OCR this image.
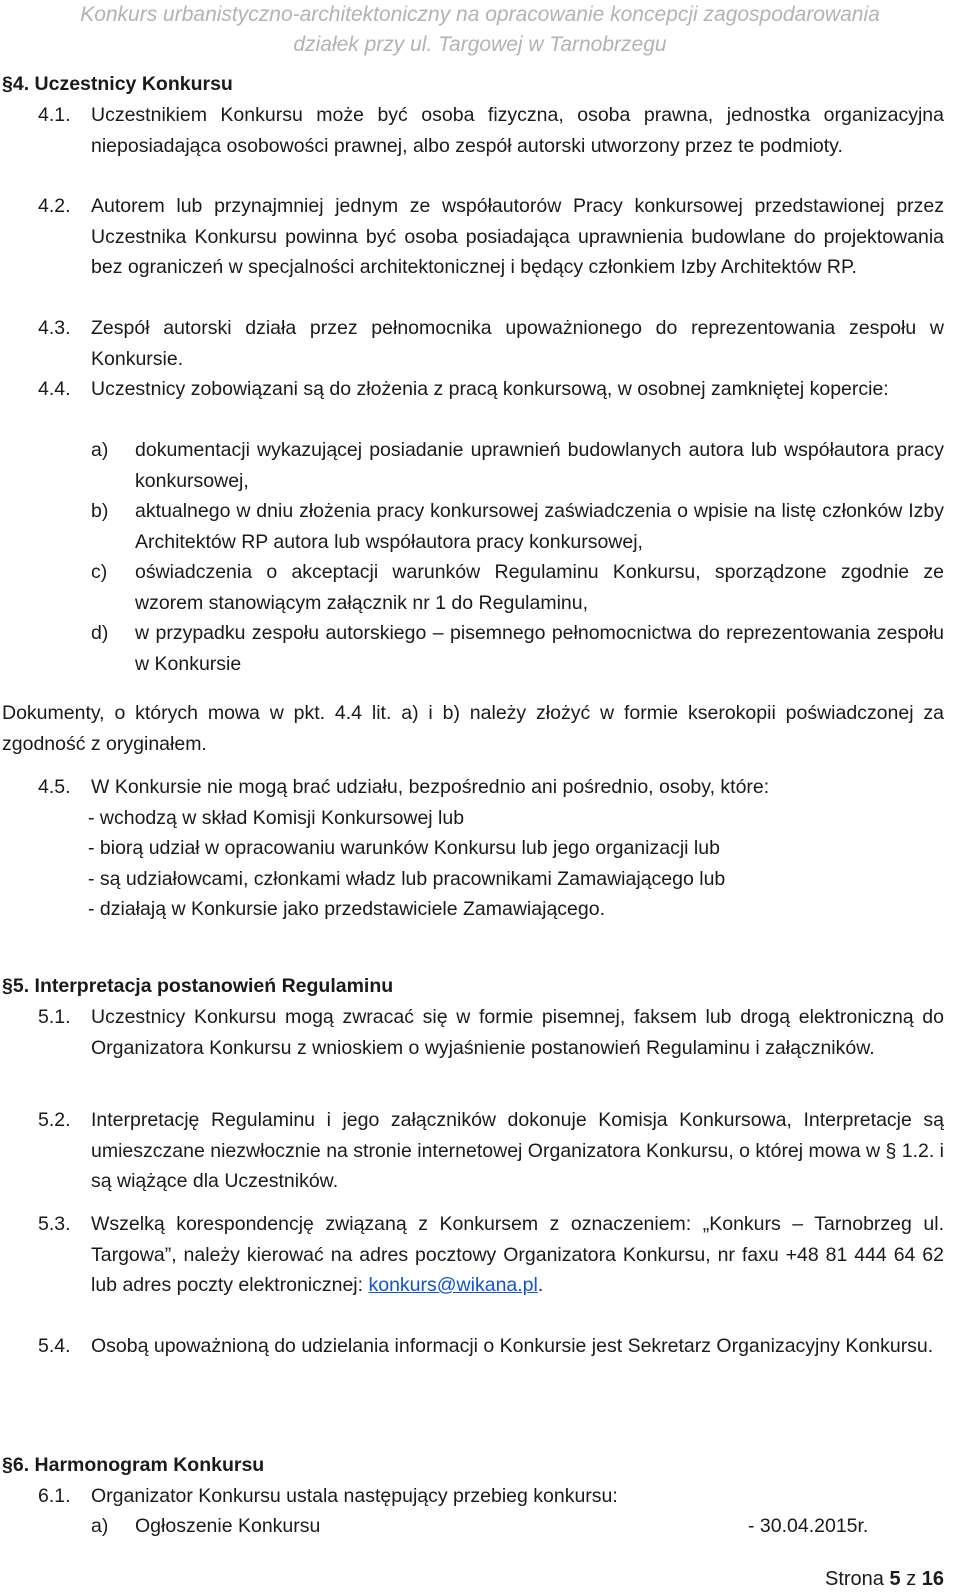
Konkurs urbanistyczno-architektoniczny na opracowanie koncepcji zagospodarowania
działek przy ul. Targowej w Tarnobrzegu
§4. Uczestnicy Konkursu
4.1. Uczestnikiem Konkursu może być osoba fizyczna, osoba prawna, jednostka organizacyjna nieposiadająca osobowości prawnej, albo zespół autorski utworzony przez te podmioty.
4.2. Autorem lub przynajmniej jednym ze współautorów Pracy konkursowej przedstawionej przez Uczestnika Konkursu powinna być osoba posiadająca uprawnienia budowlane do projektowania bez ograniczeń w specjalności architektonicznej i będący członkiem Izby Architektów RP.
4.3. Zespół autorski działa przez pełnomocnika upoważnionego do reprezentowania zespołu w Konkursie.
4.4. Uczestnicy zobowiązani są do złożenia z pracą konkursową, w osobnej zamkniętej kopercie:
a) dokumentacji wykazującej posiadanie uprawnień budowlanych autora lub współautora pracy konkursowej,
b) aktualnego w dniu złożenia pracy konkursowej zaświadczenia o wpisie na listę członków Izby Architektów RP autora lub współautora pracy konkursowej,
c) oświadczenia o akceptacji warunków Regulaminu Konkursu, sporządzone zgodnie ze wzorem stanowiącym załącznik nr 1 do Regulaminu,
d) w przypadku zespołu autorskiego – pisemnego pełnomocnictwa do reprezentowania zespołu w Konkursie
Dokumenty, o których mowa w pkt. 4.4 lit. a) i b) należy złożyć w formie kserokopii poświadczonej za zgodność z oryginałem.
4.5. W Konkursie nie mogą brać udziału, bezpośrednio ani pośrednio, osoby, które:
- wchodzą w skład Komisji Konkursowej lub
- biorą udział w opracowaniu warunków Konkursu lub jego organizacji lub
- są udziałowcami, członkami władz lub pracownikami Zamawiającego lub
- działają w Konkursie jako przedstawiciele Zamawiającego.
§5. Interpretacja postanowień Regulaminu
5.1. Uczestnicy Konkursu mogą zwracać się w formie pisemnej, faksem lub drogą elektroniczną do Organizatora Konkursu z wnioskiem o wyjaśnienie postanowień Regulaminu i załączników.
5.2. Interpretację Regulaminu i jego załączników dokonuje Komisja Konkursowa, Interpretacje są umieszczane niezwłocznie na stronie internetowej Organizatora Konkursu, o której mowa w § 1.2. i są wiążące dla Uczestników.
5.3. Wszelką korespondencję związaną z Konkursem z oznaczeniem: „Konkurs – Tarnobrzeg ul. Targowa”, należy kierować na adres pocztowy Organizatora Konkursu, nr faxu +48 81 444 64 62 lub adres poczty elektronicznej: konkurs@wikana.pl.
5.4. Osobą upoważnioną do udzielania informacji o Konkursie jest Sekretarz Organizacyjny Konkursu.
§6. Harmonogram Konkursu
6.1. Organizator Konkursu ustala następujący przebieg konkursu:
a) Ogłoszenie Konkursu	- 30.04.2015r.
Strona 5 z 16
